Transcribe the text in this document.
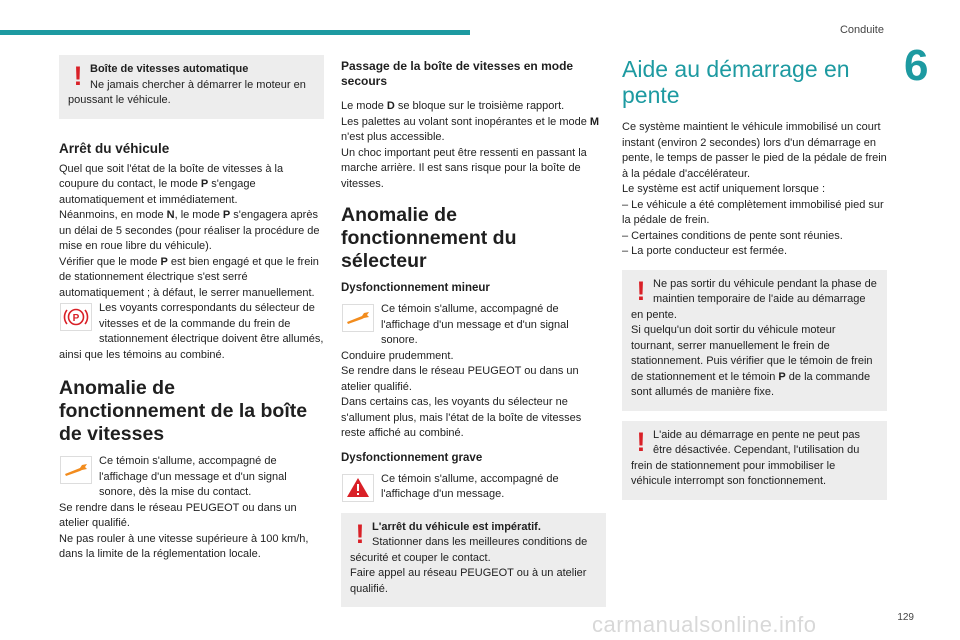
Conduite
6
! Boîte de vitesses automatique

Ne jamais chercher à démarrer le moteur en poussant le véhicule.

Arrêt du véhicule

Quel que soit l'état de la boîte de vitesses à la coupure du contact, le mode P s'engage automatiquement et immédiatement.

Néanmoins, en mode N, le mode P s'engagera après un délai de 5 secondes (pour réaliser la procédure de mise en roue libre du véhicule).

Vérifier que le mode P est bien engagé et que le frein de stationnement électrique s'est serré automatiquement ; à défaut, le serrer manuellement.

P

Les voyants correspondants du sélecteur de vitesses et de la commande du frein de stationnement électrique doivent être allumés, ainsi que les témoins au combiné.

Anomalie de
fonctionnement de la boîte
de vitesses

Ce témoin s'allume, accompagné de l'affichage d'un message et d'un signal sonore, dès la mise du contact.

Se rendre dans le réseau PEUGEOT ou dans un atelier qualifié.

Ne pas rouler à une vitesse supérieure à 100 km/h, dans la limite de la réglementation locale.

Passage de la boîte de vitesses en mode secours

Le mode D se bloque sur le troisième rapport.

Les palettes au volant sont inopérantes et le mode M n'est plus accessible.

Un choc important peut être ressenti en passant la marche arrière. Il est sans risque pour la boîte de vitesses.

Anomalie de
fonctionnement du
sélecteur
Dysfonctionnement mineur

Ce témoin s'allume, accompagné de l'affichage d'un message et d'un signal sonore.

Conduire prudemment.

Se rendre dans le réseau PEUGEOT ou dans un atelier qualifié.

Dans certains cas, les voyants du sélecteur ne s'allument plus, mais l'état de la boîte de vitesses reste affiché au combiné.

Dysfonctionnement grave

Ce témoin s'allume, accompagné de l'affichage d'un message.

! L'arrêt du véhicule est impératif.

Stationner dans les meilleures conditions de sécurité et couper le contact.

Faire appel au réseau PEUGEOT ou à un atelier qualifié.

Aide au démarrage en
pente

Ce système maintient le véhicule immobilisé un court instant (environ 2 secondes) lors d'un démarrage en pente, le temps de passer le pied de la pédale de frein à la pédale d'accélérateur.

Le système est actif uniquement lorsque :

– Le véhicule a été complètement immobilisé pied sur la pédale de frein.

– Certaines conditions de pente sont réunies.

– La porte conducteur est fermée.

! Ne pas sortir du véhicule pendant la phase de maintien temporaire de l'aide au démarrage en pente.

Si quelqu'un doit sortir du véhicule moteur tournant, serrer manuellement le frein de stationnement. Puis vérifier que le témoin de frein de stationnement et le témoin P de la commande sont allumés de manière fixe.

! L'aide au démarrage en pente ne peut pas être désactivée. Cependant, l'utilisation du frein de stationnement pour immobiliser le véhicule interrompt son fonctionnement.

carmanualsonline.info	129
